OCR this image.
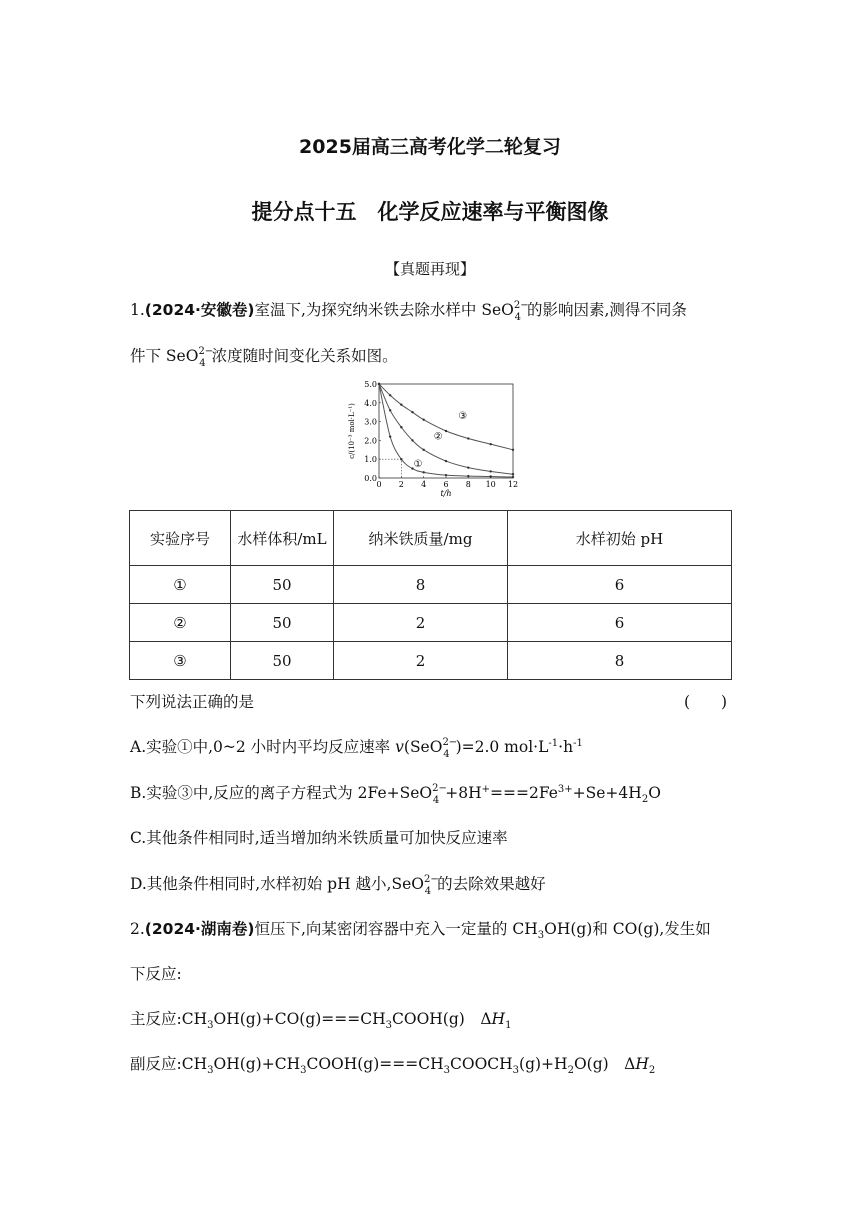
2025届高三高考化学二轮复习
提分点十五　化学反应速率与平衡图像
【真题再现】
1.(2024·安徽卷)室温下,为探究纳米铁去除水样中 SeO$^{2-}_4$ 的影响因素,测得不同条
件下 SeO$^{2-}_4$ 浓度随时间变化关系如图。
0 2 4 6 8 10 12
0.0
1.0
2.0
3.0
4.0
5.0
t/h
c/(10⁻³ mol·L⁻¹)
①
②
③
实验序号	水样体积/mL	纳米铁质量/mg	水样初始 pH
①	50	8	6
②	50	2	6
③	50	2	8
下列说法正确的是	(　　)
A.实验①中,0~2 小时内平均反应速率 v(SeO$^{2-}_4$ )=2.0 $mol\cdot L^{-1}\cdot h^{-1}$
B.实验③中,反应的离子方程式为 $2Fe+SeO^{2-}_4 +8H^+===2Fe^{3+}+Se+4H_2O$
C.其他条件相同时,适当增加纳米铁质量可加快反应速率
D.其他条件相同时,水样初始 pH 越小,SeO$^{2-}_4$ 的去除效果越好
2.(2024·湖南卷)恒压下,向某密闭容器中充入一定量的 $CH_3OH(g)$和 CO(g),发生如
下反应:
主反应$:CH_3OH(g)+CO(g)===CH_3COOH(g)$　$\Delta H_1$
副反应$:CH_3OH(g)+CH_3COOH(g)===CH_3COOCH_3(g)+H_2O(g)$　$\Delta H_2$
